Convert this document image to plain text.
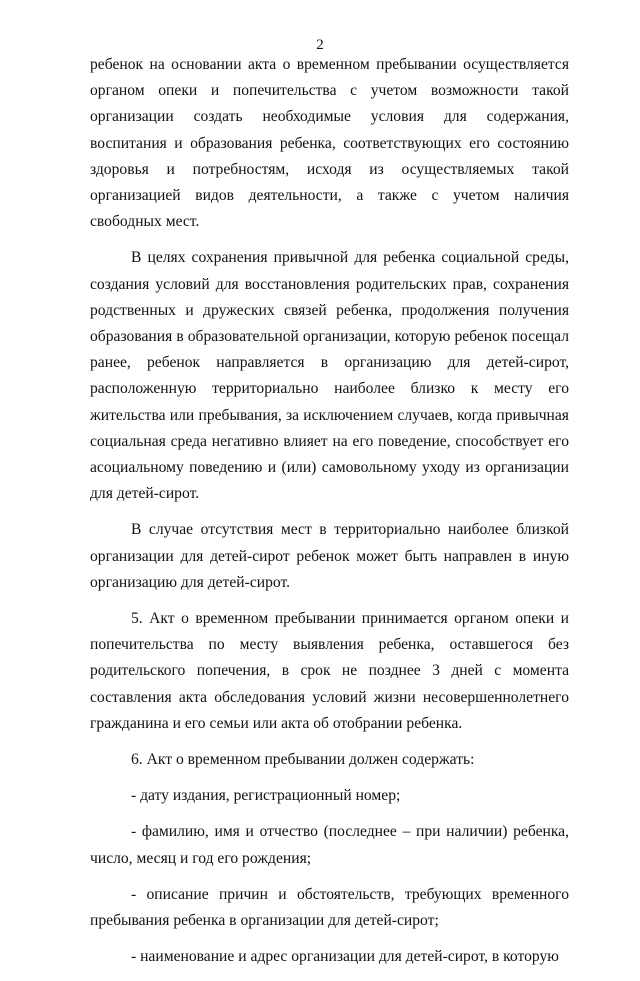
2

ребенок на основании акта о временном пребывании осуществляется органом опеки и попечительства с учетом возможности такой организации создать необходимые условия для содержания, воспитания и образования ребенка, соответствующих его состоянию здоровья и потребностям, исходя из осуществляемых такой организацией видов деятельности, а также с учетом наличия свободных мест.

В целях сохранения привычной для ребенка социальной среды, создания условий для восстановления родительских прав, сохранения родственных и дружеских связей ребенка, продолжения получения образования в образовательной организации, которую ребенок посещал ранее, ребенок направляется в организацию для детей-сирот, расположенную территориально наиболее близко к месту его жительства или пребывания, за исключением случаев, когда привычная социальная среда негативно влияет на его поведение, способствует его асоциальному поведению и (или) самовольному уходу из организации для детей-сирот.

В случае отсутствия мест в территориально наиболее близкой организации для детей-сирот ребенок может быть направлен в иную организацию для детей-сирот.

5. Акт о временном пребывании принимается органом опеки и попечительства по месту выявления ребенка, оставшегося без родительского попечения, в срок не позднее 3 дней с момента составления акта обследования условий жизни несовершеннолетнего гражданина и его семьи или акта об отобрании ребенка.

6. Акт о временном пребывании должен содержать:

- дату издания, регистрационный номер;

- фамилию, имя и отчество (последнее – при наличии) ребенка, число, месяц и год его рождения;

- описание причин и обстоятельств, требующих временного пребывания ребенка в организации для детей-сирот;

- наименование и адрес организации для детей-сирот, в которую
